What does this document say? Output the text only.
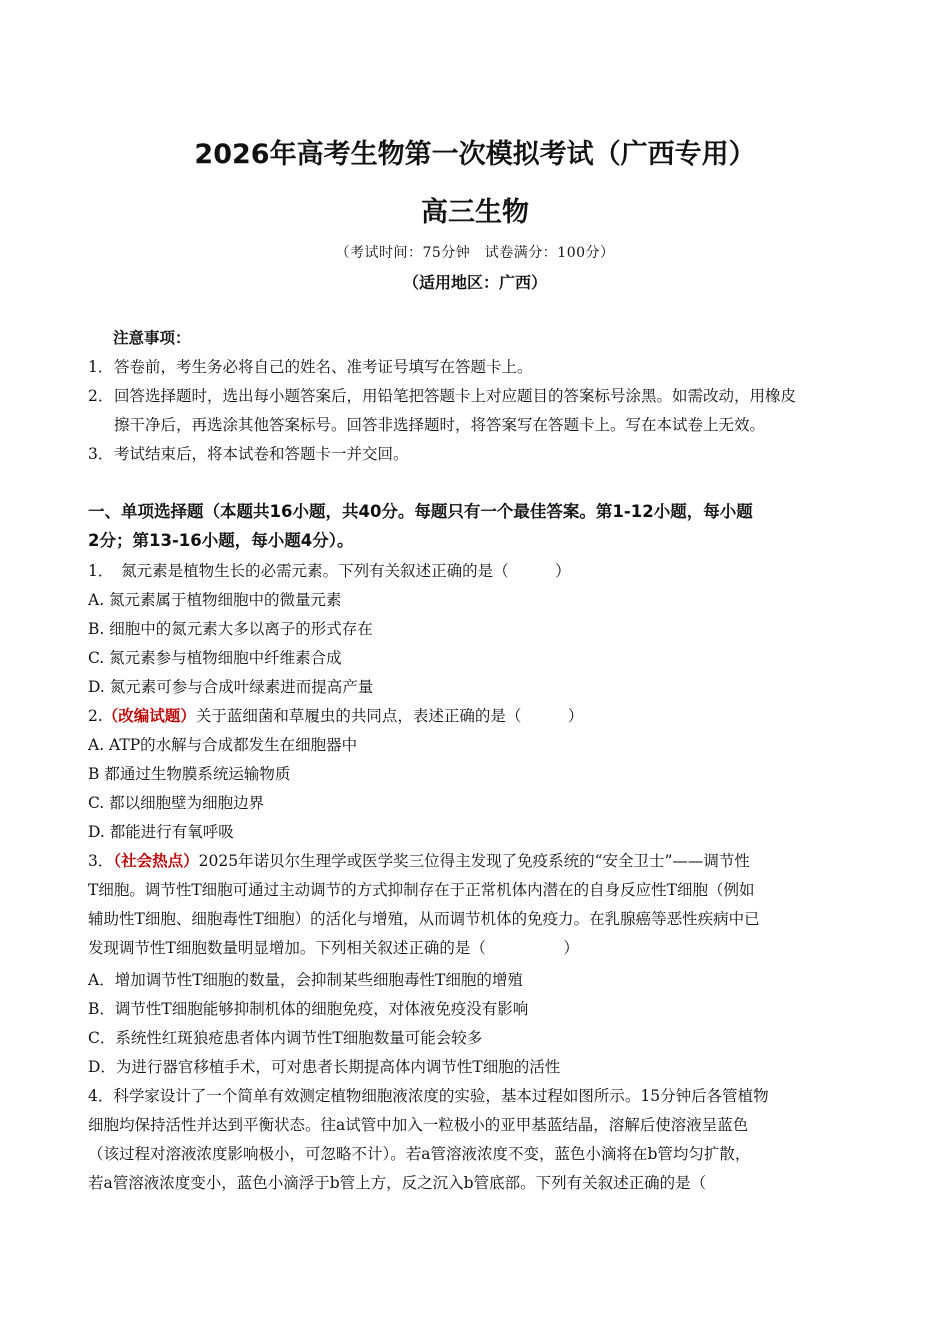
2026年高考生物第一次模拟考试（广西专用）
高三生物
（考试时间：75分钟　试卷满分：100分）
（适用地区：广西）
注意事项：
1．答卷前，考生务必将自己的姓名、准考证号填写在答题卡上。
2．回答选择题时，选出每小题答案后，用铅笔把答题卡上对应题目的答案标号涂黑。如需改动，用橡皮
擦干净后，再选涂其他答案标号。回答非选择题时，将答案写在答题卡上。写在本试卷上无效。
3．考试结束后，将本试卷和答题卡一并交回。
一、单项选择题（本题共16小题，共40分。每题只有一个最佳答案。第1-12小题，每小题
2分；第13-16小题，每小题4分）。
1．　氮元素是植物生长的必需元素。下列有关叙述正确的是（　　　）
A. 氮元素属于植物细胞中的微量元素
B. 细胞中的氮元素大多以离子的形式存在
C. 氮元素参与植物细胞中纤维素合成
D. 氮元素可参与合成叶绿素进而提高产量
2.（改编试题）关于蓝细菌和草履虫的共同点，表述正确的是（　　　）
A. ATP的水解与合成都发生在细胞器中
B 都通过生物膜系统运输物质
C. 都以细胞壁为细胞边界
D. 都能进行有氧呼吸
3．（社会热点）2025年诺贝尔生理学或医学奖三位得主发现了免疫系统的“安全卫士”——调节性
T细胞。调节性T细胞可通过主动调节的方式抑制存在于正常机体内潜在的自身反应性T细胞（例如
辅助性T细胞、细胞毒性T细胞）的活化与增殖，从而调节机体的免疫力。在乳腺癌等恶性疾病中已
发现调节性T细胞数量明显增加。下列相关叙述正确的是（　　　　　）
A．增加调节性T细胞的数量，会抑制某些细胞毒性T细胞的增殖
B．调节性T细胞能够抑制机体的细胞免疫，对体液免疫没有影响
C．系统性红斑狼疮患者体内调节性T细胞数量可能会较多
D．为进行器官移植手术，可对患者长期提高体内调节性T细胞的活性
4．科学家设计了一个简单有效测定植物细胞液浓度的实验，基本过程如图所示。15分钟后各管植物
细胞均保持活性并达到平衡状态。往a试管中加入一粒极小的亚甲基蓝结晶，溶解后使溶液呈蓝色
（该过程对溶液浓度影响极小，可忽略不计）。若a管溶液浓度不变，蓝色小滴将在b管均匀扩散，
若a管溶液浓度变小，蓝色小滴浮于b管上方，反之沉入b管底部。下列有关叙述正确的是（
